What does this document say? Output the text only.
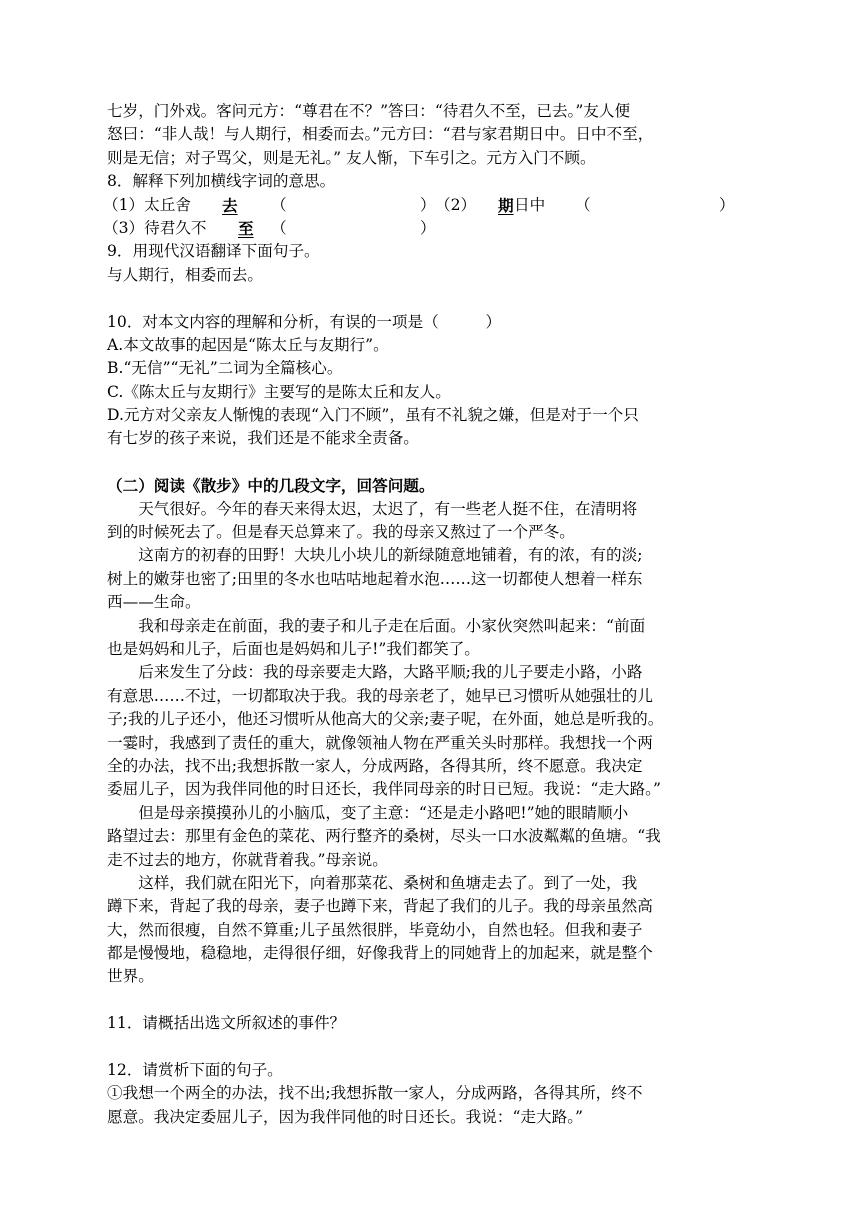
七岁，门外戏。客问元方：“尊君在不？”答曰：“待君久不至，已去。”友人便
怒曰：“非人哉！与人期行，相委而去。”元方曰：“君与家君期日中。日中不至，
则是无信；对子骂父，则是无礼。” 友人惭，下车引之。元方入门不顾。
8．解释下列加横线字词的意思。
（1）太丘舍 去 （	） （2） 期 日中 （	）
（3）待君久不 至 （	）
9．用现代汉语翻译下面句子。
与人期行，相委而去。
10．对本文内容的理解和分析，有误的一项是（　　　）
A.本文故事的起因是“陈太丘与友期行”。
B.“无信”“无礼”二词为全篇核心。
C.《陈太丘与友期行》主要写的是陈太丘和友人。
D.元方对父亲友人惭愧的表现“入门不顾”，虽有不礼貌之嫌，但是对于一个只
有七岁的孩子来说，我们还是不能求全责备。
（二）阅读《散步》中的几段文字，回答问题。
天气很好。今年的春天来得太迟，太迟了，有一些老人挺不住，在清明将
到的时候死去了。但是春天总算来了。我的母亲又熬过了一个严冬。
这南方的初春的田野！大块儿小块儿的新绿随意地铺着，有的浓，有的淡;
树上的嫩芽也密了;田里的冬水也咕咕地起着水泡……这一切都使人想着一样东
西——生命。
我和母亲走在前面，我的妻子和儿子走在后面。小家伙突然叫起来：“前面
也是妈妈和儿子，后面也是妈妈和儿子!”我们都笑了。
后来发生了分歧：我的母亲要走大路，大路平顺;我的儿子要走小路，小路
有意思……不过，一切都取决于我。我的母亲老了，她早已习惯听从她强壮的儿
子;我的儿子还小，他还习惯听从他高大的父亲;妻子呢，在外面，她总是听我的。
一霎时，我感到了责任的重大，就像领袖人物在严重关头时那样。我想找一个两
全的办法，找不出;我想拆散一家人，分成两路，各得其所，终不愿意。我决定
委屈儿子，因为我伴同他的时日还长，我伴同母亲的时日已短。我说：“走大路。”
但是母亲摸摸孙儿的小脑瓜，变了主意：“还是走小路吧!”她的眼睛顺小
路望过去：那里有金色的菜花、两行整齐的桑树，尽头一口水波粼粼的鱼塘。“我
走不过去的地方，你就背着我。”母亲说。
这样，我们就在阳光下，向着那菜花、桑树和鱼塘走去了。到了一处，我
蹲下来，背起了我的母亲，妻子也蹲下来，背起了我们的儿子。我的母亲虽然高
大，然而很瘦，自然不算重;儿子虽然很胖，毕竟幼小，自然也轻。但我和妻子
都是慢慢地，稳稳地，走得很仔细，好像我背上的同她背上的加起来，就是整个
世界。
11．请概括出选文所叙述的事件？
12．请赏析下面的句子。
①我想一个两全的办法，找不出;我想拆散一家人，分成两路，各得其所，终不
愿意。我决定委屈儿子，因为我伴同他的时日还长。我说：“走大路。”
